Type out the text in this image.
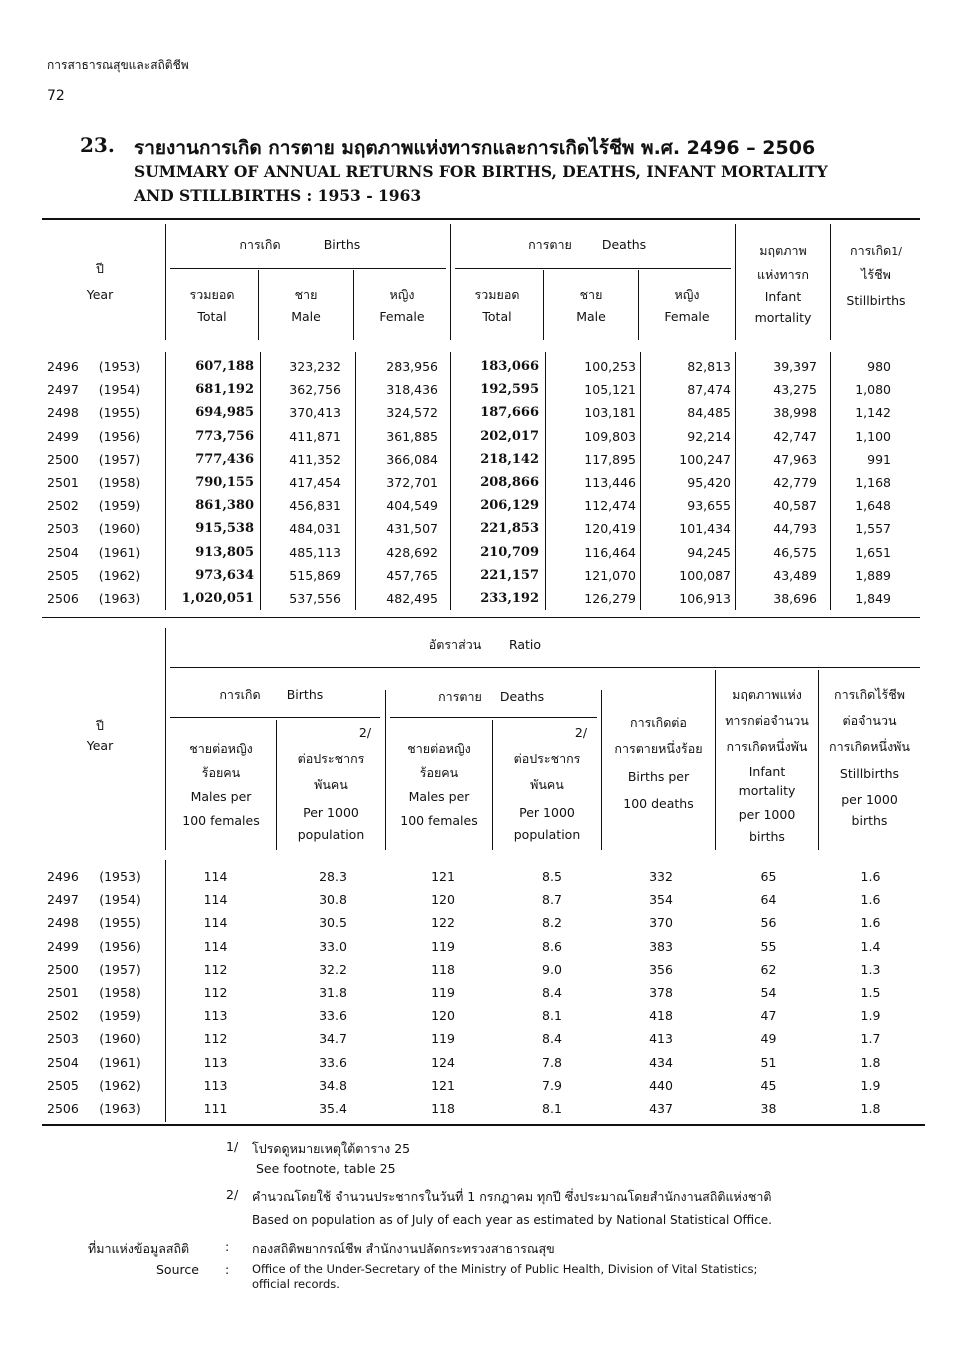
การสาธารณสุขและสถิติชีพ
72
23. รายงานการเกิด การตาย มฤตภาพแห่งทารกและการเกิดไร้ชีพ พ.ศ. 2496 – 2506
SUMMARY OF ANNUAL RETURNS FOR BIRTHS, DEATHS, INFANT MORTALITY
AND STILLBIRTHS : 1953 - 1963
ปี
Year
การเกิด	Births	การตาย	Deaths	มฤตภาพ
แห่งทารก
Infant
mortality
การเกิด1/
ไร้ชีพ
Stillbirths
รวมยอด
Total
ชาย
Male
หญิง
Female
รวมยอด
Total
ชาย
Male
หญิง
Female
2496	(1953)	607,188	323,232	283,956	183,066	100,253	82,813	39,397	980
2497	(1954)	681,192	362,756	318,436	192,595	105,121	87,474	43,275	1,080
2498	(1955)	694,985	370,413	324,572	187,666	103,181	84,485	38,998	1,142
2499	(1956)	773,756	411,871	361,885	202,017	109,803	92,214	42,747	1,100
2500	(1957)	777,436	411,352	366,084	218,142	117,895	100,247	47,963	991
2501	(1958)	790,155	417,454	372,701	208,866	113,446	95,420	42,779	1,168
2502	(1959)	861,380	456,831	404,549	206,129	112,474	93,655	40,587	1,648
2503	(1960)	915,538	484,031	431,507	221,853	120,419	101,434	44,793	1,557
2504	(1961)	913,805	485,113	428,692	210,709	116,464	94,245	46,575	1,651
2505	(1962)	973,634	515,869	457,765	221,157	121,070	100,087	43,489	1,889
2506	(1963)	1,020,051	537,556	482,495	233,192	126,279	106,913	38,696	1,849
ปี
Year
อัตราส่วน	Ratio
การเกิด	Births	การตาย	Deaths
ชายต่อหญิง
ร้อยคน
Males per
100 females
2/
ต่อประชากร
พันคน
Per 1000
population
ชายต่อหญิง
ร้อยคน
Males per
100 females
2/
ต่อประชากร
พันคน
Per 1000
population
การเกิดต่อ
การตายหนึ่งร้อย
Births per
100 deaths
มฤตภาพแห่ง
ทารกต่อจำนวน
การเกิดหนึ่งพัน
Infant
mortality
per 1000
births
การเกิดไร้ชีพ
ต่อจำนวน
การเกิดหนึ่งพัน
Stillbirths
per 1000
births
2496	(1953)	114	28.3	121	8.5	332	65	1.6
2497	(1954)	114	30.8	120	8.7	354	64	1.6
2498	(1955)	114	30.5	122	8.2	370	56	1.6
2499	(1956)	114	33.0	119	8.6	383	55	1.4
2500	(1957)	112	32.2	118	9.0	356	62	1.3
2501	(1958)	112	31.8	119	8.4	378	54	1.5
2502	(1959)	113	33.6	120	8.1	418	47	1.9
2503	(1960)	112	34.7	119	8.4	413	49	1.7
2504	(1961)	113	33.6	124	7.8	434	51	1.8
2505	(1962)	113	34.8	121	7.9	440	45	1.9
2506	(1963)	111	35.4	118	8.1	437	38	1.8
1/ โปรดดูหมายเหตุใต้ตาราง 25
See footnote, table 25
2/ คำนวณโดยใช้ จำนวนประชากรในวันที่ 1 กรกฎาคม ทุกปี ซึ่งประมาณโดยสำนักงานสถิติแห่งชาติ
Based on population as of July of each year as estimated by National Statistical Office.
ที่มาแห่งข้อมูลสถิติ	: กองสถิติพยากรณ์ชีพ สำนักงานปลัดกระทรวงสาธารณสุข
Source : Office of the Under-Secretary of the Ministry of Public Health, Division of Vital Statistics;
official records.
